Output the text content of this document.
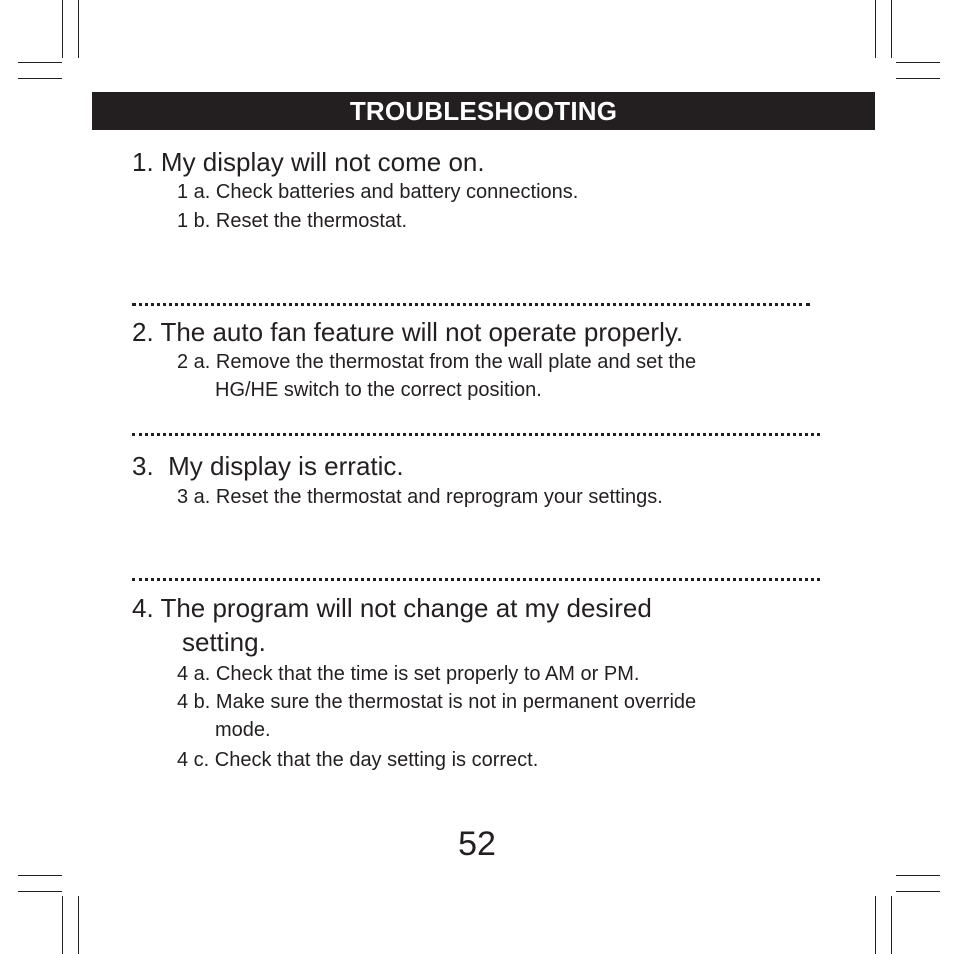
TROUBLESHOOTING
1. My display will not come on.
1 a. Check batteries and battery connections.
1 b. Reset the thermostat.
2. The auto fan feature will not operate properly.
2 a. Remove the thermostat from the wall plate and set the
HG/HE switch to the correct position.
3.  My display is erratic.
3 a. Reset the thermostat and reprogram your settings.
4. The program will not change at my desired
setting.
4 a. Check that the time is set properly to AM or PM.
4 b. Make sure the thermostat is not in permanent override
mode.
4 c. Check that the day setting is correct.
52
